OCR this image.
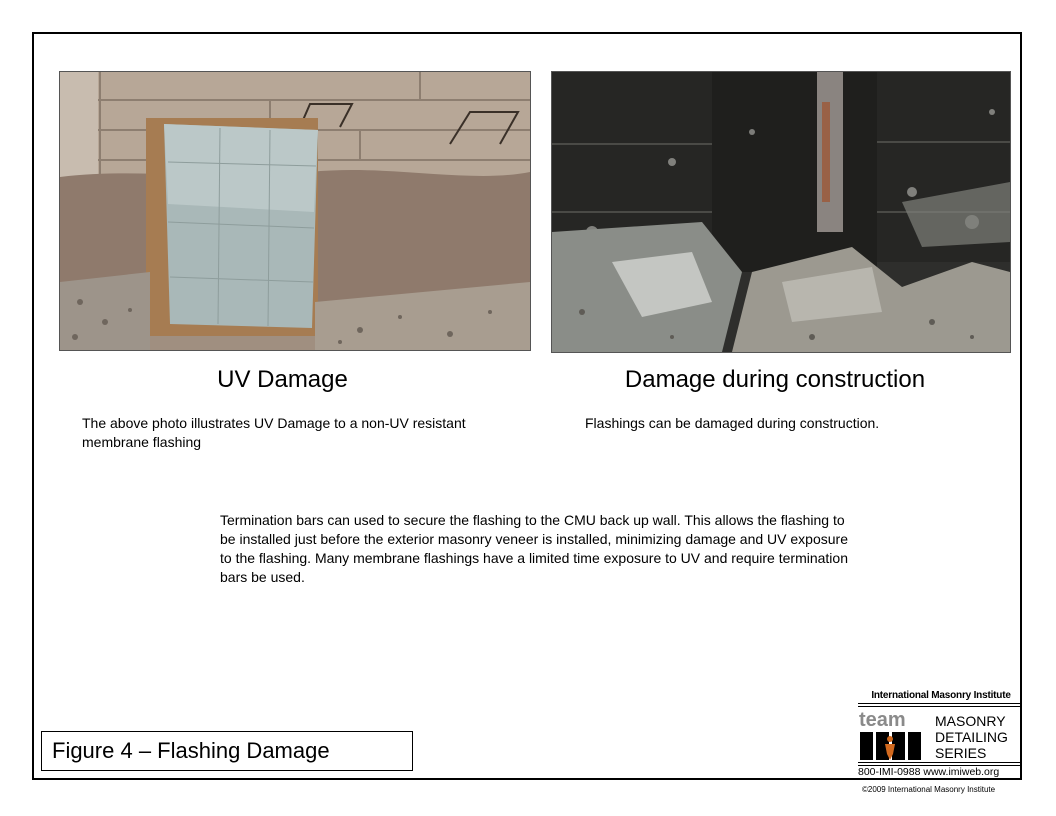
UV Damage	Damage during construction
The above photo illustrates UV Damage to a non-UV resistant membrane flashing
Flashings can be damaged during construction.
Termination bars can used to secure the flashing to the CMU back up wall. This allows the flashing to be installed just before the exterior masonry veneer is installed, minimizing damage and UV exposure to the flashing. Many membrane flashings have a limited time exposure to UV and require termination bars be used.
Figure 4 – Flashing Damage
International Masonry Institute
team MASONRY
DETAILING
SERIES
800-IMI-0988 www.imiweb.org
©2009 International Masonry Institute
